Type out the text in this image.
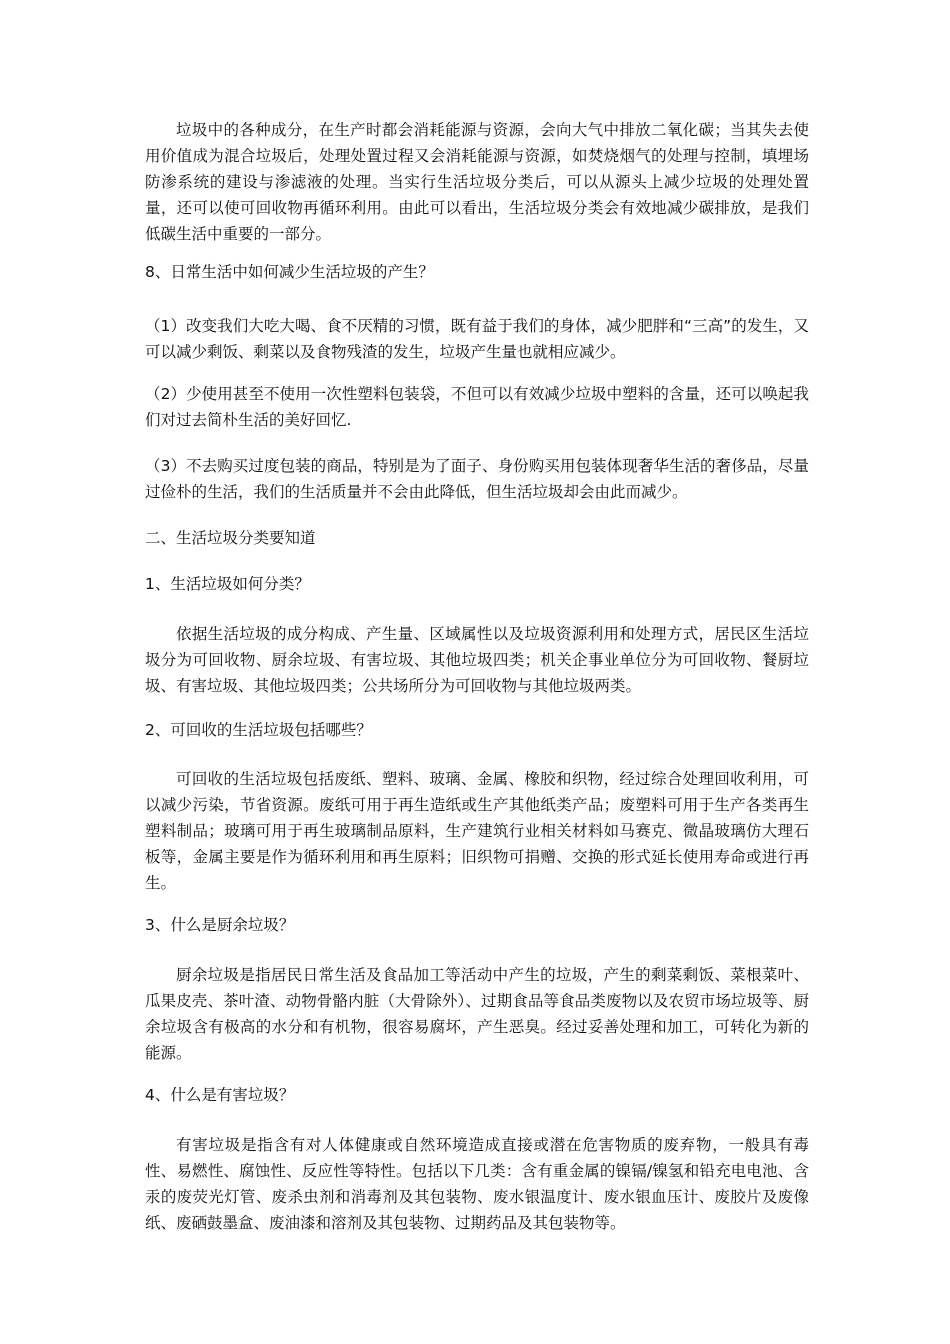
垃圾中的各种成分，在生产时都会消耗能源与资源，会向大气中排放二氧化碳；当其失去使用价值成为混合垃圾后，处理处置过程又会消耗能源与资源，如焚烧烟气的处理与控制，填埋场防渗系统的建设与渗滤液的处理。当实行生活垃圾分类后，可以从源头上减少垃圾的处理处置量，还可以使可回收物再循环利用。由此可以看出，生活垃圾分类会有效地减少碳排放，是我们低碳生活中重要的一部分。

8、日常生活中如何减少生活垃圾的产生？

（1）改变我们大吃大喝、食不厌精的习惯，既有益于我们的身体，减少肥胖和“三高”的发生，又可以减少剩饭、剩菜以及食物残渣的发生，垃圾产生量也就相应减少。

（2）少使用甚至不使用一次性塑料包装袋，不但可以有效减少垃圾中塑料的含量，还可以唤起我们对过去简朴生活的美好回忆.

（3）不去购买过度包装的商品，特别是为了面子、身份购买用包装体现奢华生活的奢侈品，尽量过俭朴的生活，我们的生活质量并不会由此降低，但生活垃圾却会由此而减少。

二、生活垃圾分类要知道

1、生活垃圾如何分类？

依据生活垃圾的成分构成、产生量、区域属性以及垃圾资源利用和处理方式，居民区生活垃圾分为可回收物、厨余垃圾、有害垃圾、其他垃圾四类；机关企事业单位分为可回收物、餐厨垃圾、有害垃圾、其他垃圾四类；公共场所分为可回收物与其他垃圾两类。

2、可回收的生活垃圾包括哪些？

可回收的生活垃圾包括废纸、塑料、玻璃、金属、橡胶和织物，经过综合处理回收利用，可以减少污染，节省资源。废纸可用于再生造纸或生产其他纸类产品；废塑料可用于生产各类再生塑料制品；玻璃可用于再生玻璃制品原料，生产建筑行业相关材料如马赛克、微晶玻璃仿大理石板等，金属主要是作为循环利用和再生原料；旧织物可捐赠、交换的形式延长使用寿命或进行再生。

3、什么是厨余垃圾？

厨余垃圾是指居民日常生活及食品加工等活动中产生的垃圾，产生的剩菜剩饭、菜根菜叶、瓜果皮壳、茶叶渣、动物骨骼内脏（大骨除外）、过期食品等食品类废物以及农贸市场垃圾等、厨余垃圾含有极高的水分和有机物，很容易腐坏，产生恶臭。经过妥善处理和加工，可转化为新的能源。

4、什么是有害垃圾？

有害垃圾是指含有对人体健康或自然环境造成直接或潜在危害物质的废弃物，一般具有毒性、易燃性、腐蚀性、反应性等特性。包括以下几类：含有重金属的镍镉/镍氢和铅充电电池、含汞的废荧光灯管、废杀虫剂和消毒剂及其包装物、废水银温度计、废水银血压计、废胶片及废像纸、废硒鼓墨盒、废油漆和溶剂及其包装物、过期药品及其包装物等。
